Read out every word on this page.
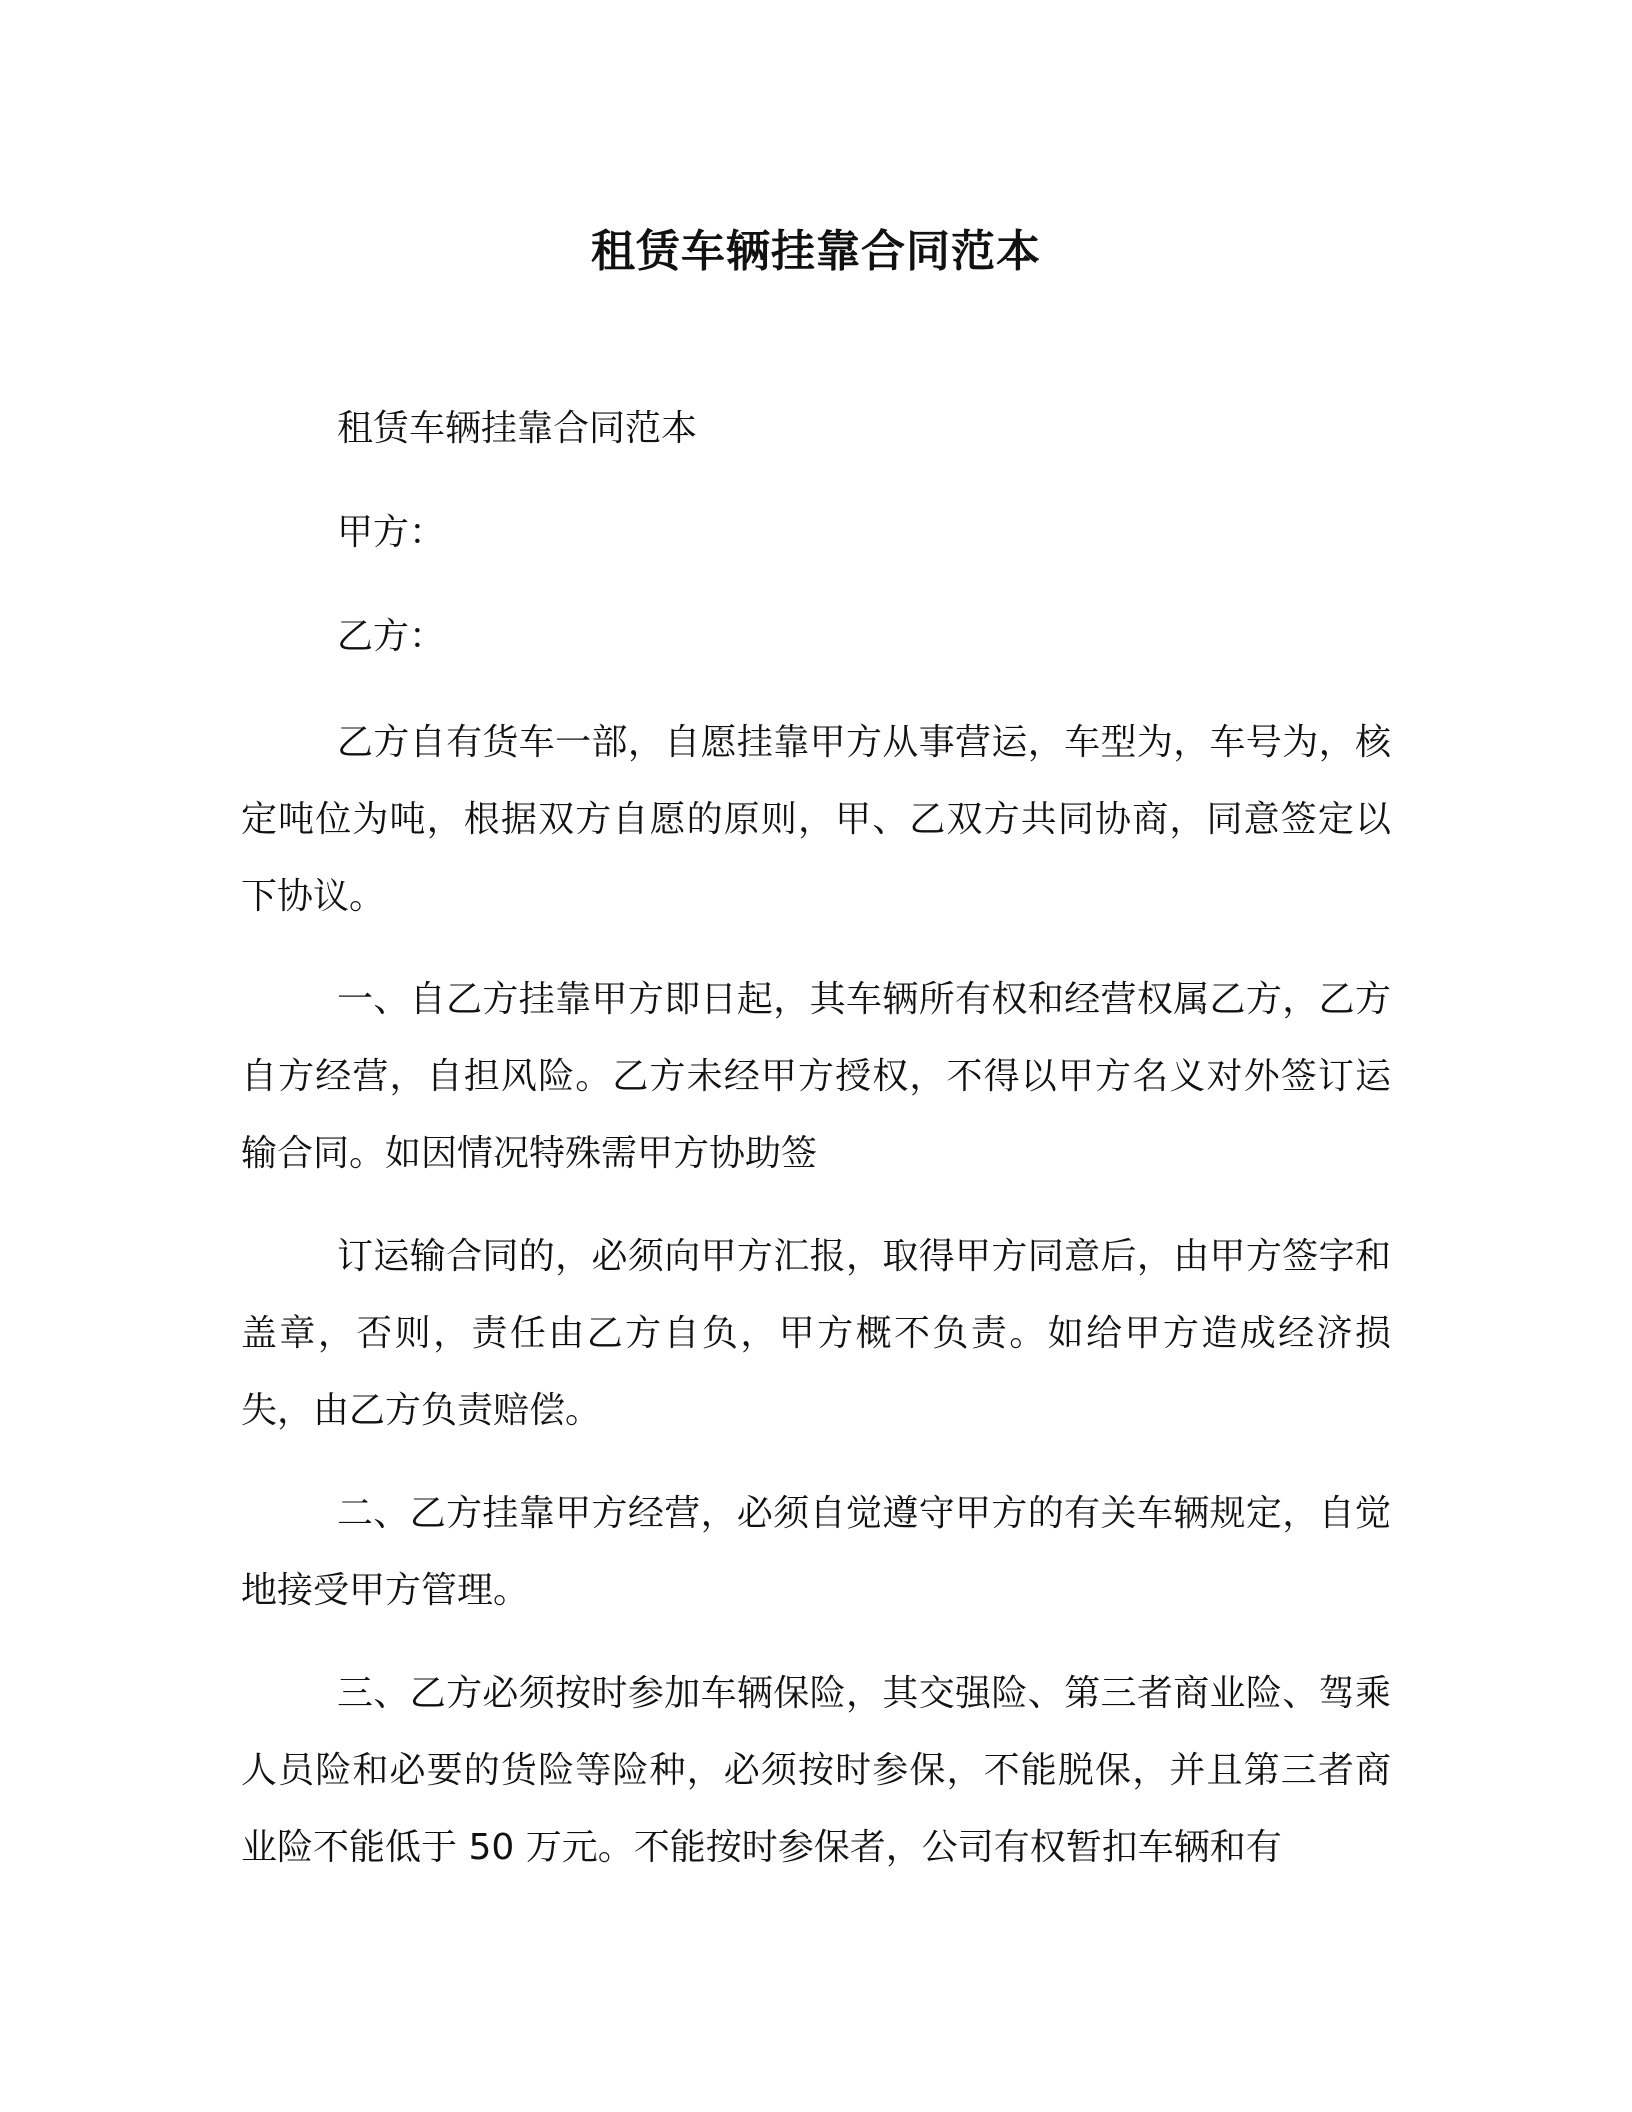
租赁车辆挂靠合同范本

租赁车辆挂靠合同范本

甲方：

乙方：

乙方自有货车一部，自愿挂靠甲方从事营运，车型为，车号为，核定吨位为吨，根据双方自愿的原则，甲、乙双方共同协商，同意签定以下协议。

一、自乙方挂靠甲方即日起，其车辆所有权和经营权属乙方，乙方自方经营，自担风险。乙方未经甲方授权，不得以甲方名义对外签订运输合同。如因情况特殊需甲方协助签

订运输合同的，必须向甲方汇报，取得甲方同意后，由甲方签字和盖章，否则，责任由乙方自负，甲方概不负责。如给甲方造成经济损失，由乙方负责赔偿。

二、乙方挂靠甲方经营，必须自觉遵守甲方的有关车辆规定，自觉地接受甲方管理。

三、乙方必须按时参加车辆保险，其交强险、第三者商业险、驾乘人员险和必要的货险等险种，必须按时参保，不能脱保，并且第三者商业险不能低于 50 万元。不能按时参保者，公司有权暂扣车辆和有
